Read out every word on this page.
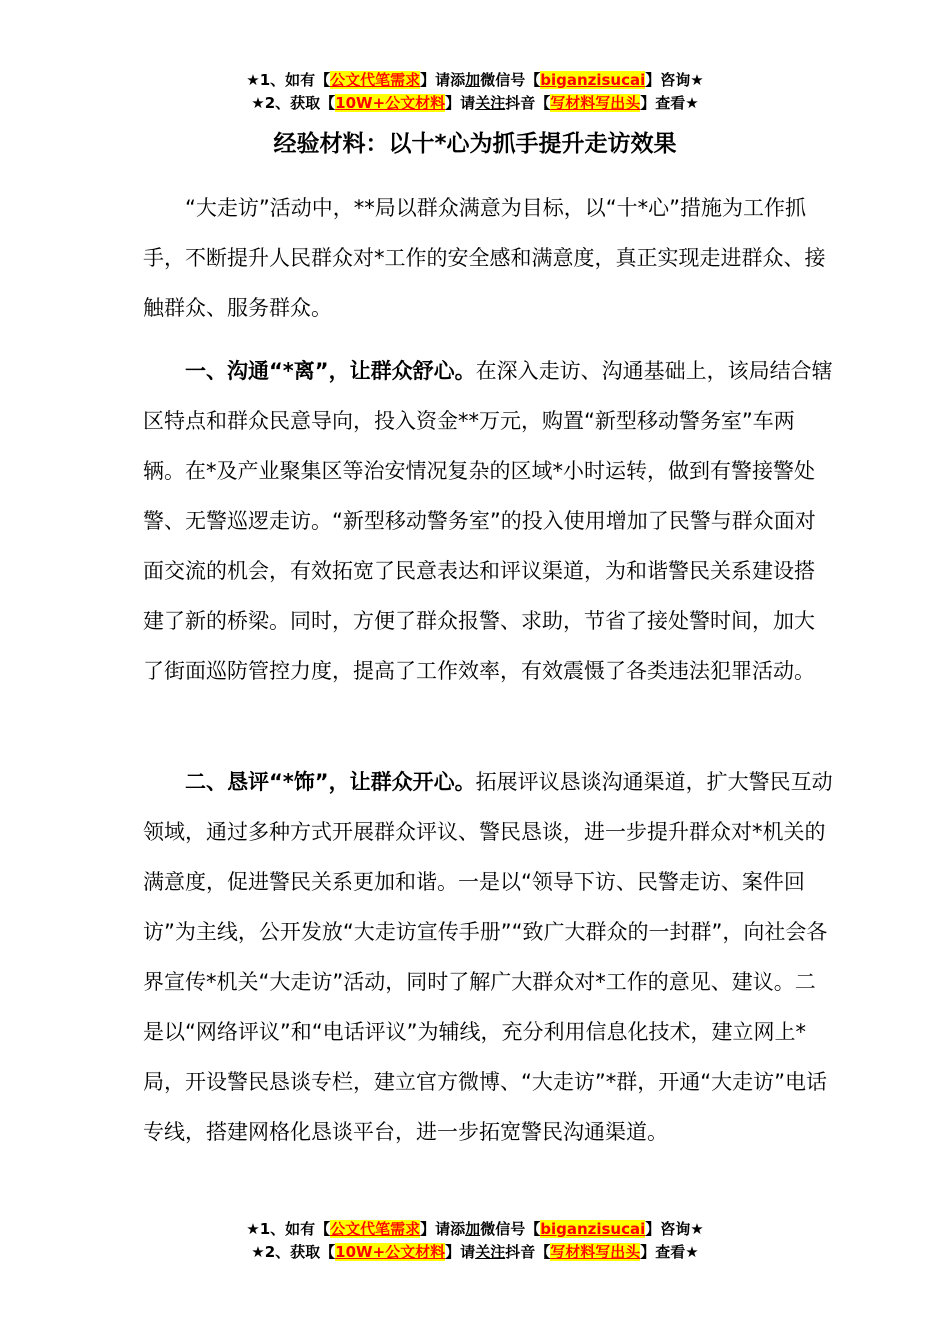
★1、如有【公文代笔需求】请添加微信号【biganzisucai】咨询★
★2、获取【10W+公文材料】请关注抖音【写材料写出头】查看★
经验材料：以十*心为抓手提升走访效果

“大走访”活动中，**局以群众满意为目标，以“十*心”措施为工作抓手，不断提升人民群众对*工作的安全感和满意度，真正实现走进群众、接触群众、服务群众。

一、沟通“*离”，让群众舒心。在深入走访、沟通基础上，该局结合辖区特点和群众民意导向，投入资金**万元，购置“新型移动警务室”车两辆。在*及产业聚集区等治安情况复杂的区域*小时运转，做到有警接警处警、无警巡逻走访。“新型移动警务室”的投入使用增加了民警与群众面对面交流的机会，有效拓宽了民意表达和评议渠道，为和谐警民关系建设搭建了新的桥梁。同时，方便了群众报警、求助，节省了接处警时间，加大了街面巡防管控力度，提高了工作效率，有效震慑了各类违法犯罪活动。

二、恳评“*饰”，让群众开心。拓展评议恳谈沟通渠道，扩大警民互动领域，通过多种方式开展群众评议、警民恳谈，进一步提升群众对*机关的满意度，促进警民关系更加和谐。一是以“领导下访、民警走访、案件回访”为主线，公开发放“大走访宣传手册”“致广大群众的一封群”，向社会各界宣传*机关“大走访”活动，同时了解广大群众对*工作的意见、建议。二是以“网络评议”和“电话评议”为辅线，充分利用信息化技术，建立网上*局，开设警民恳谈专栏，建立官方微博、“大走访”*群，开通“大走访”电话专线，搭建网格化恳谈平台，进一步拓宽警民沟通渠道。

★1、如有【公文代笔需求】请添加微信号【biganzisucai】咨询★
★2、获取【10W+公文材料】请关注抖音【写材料写出头】查看★
